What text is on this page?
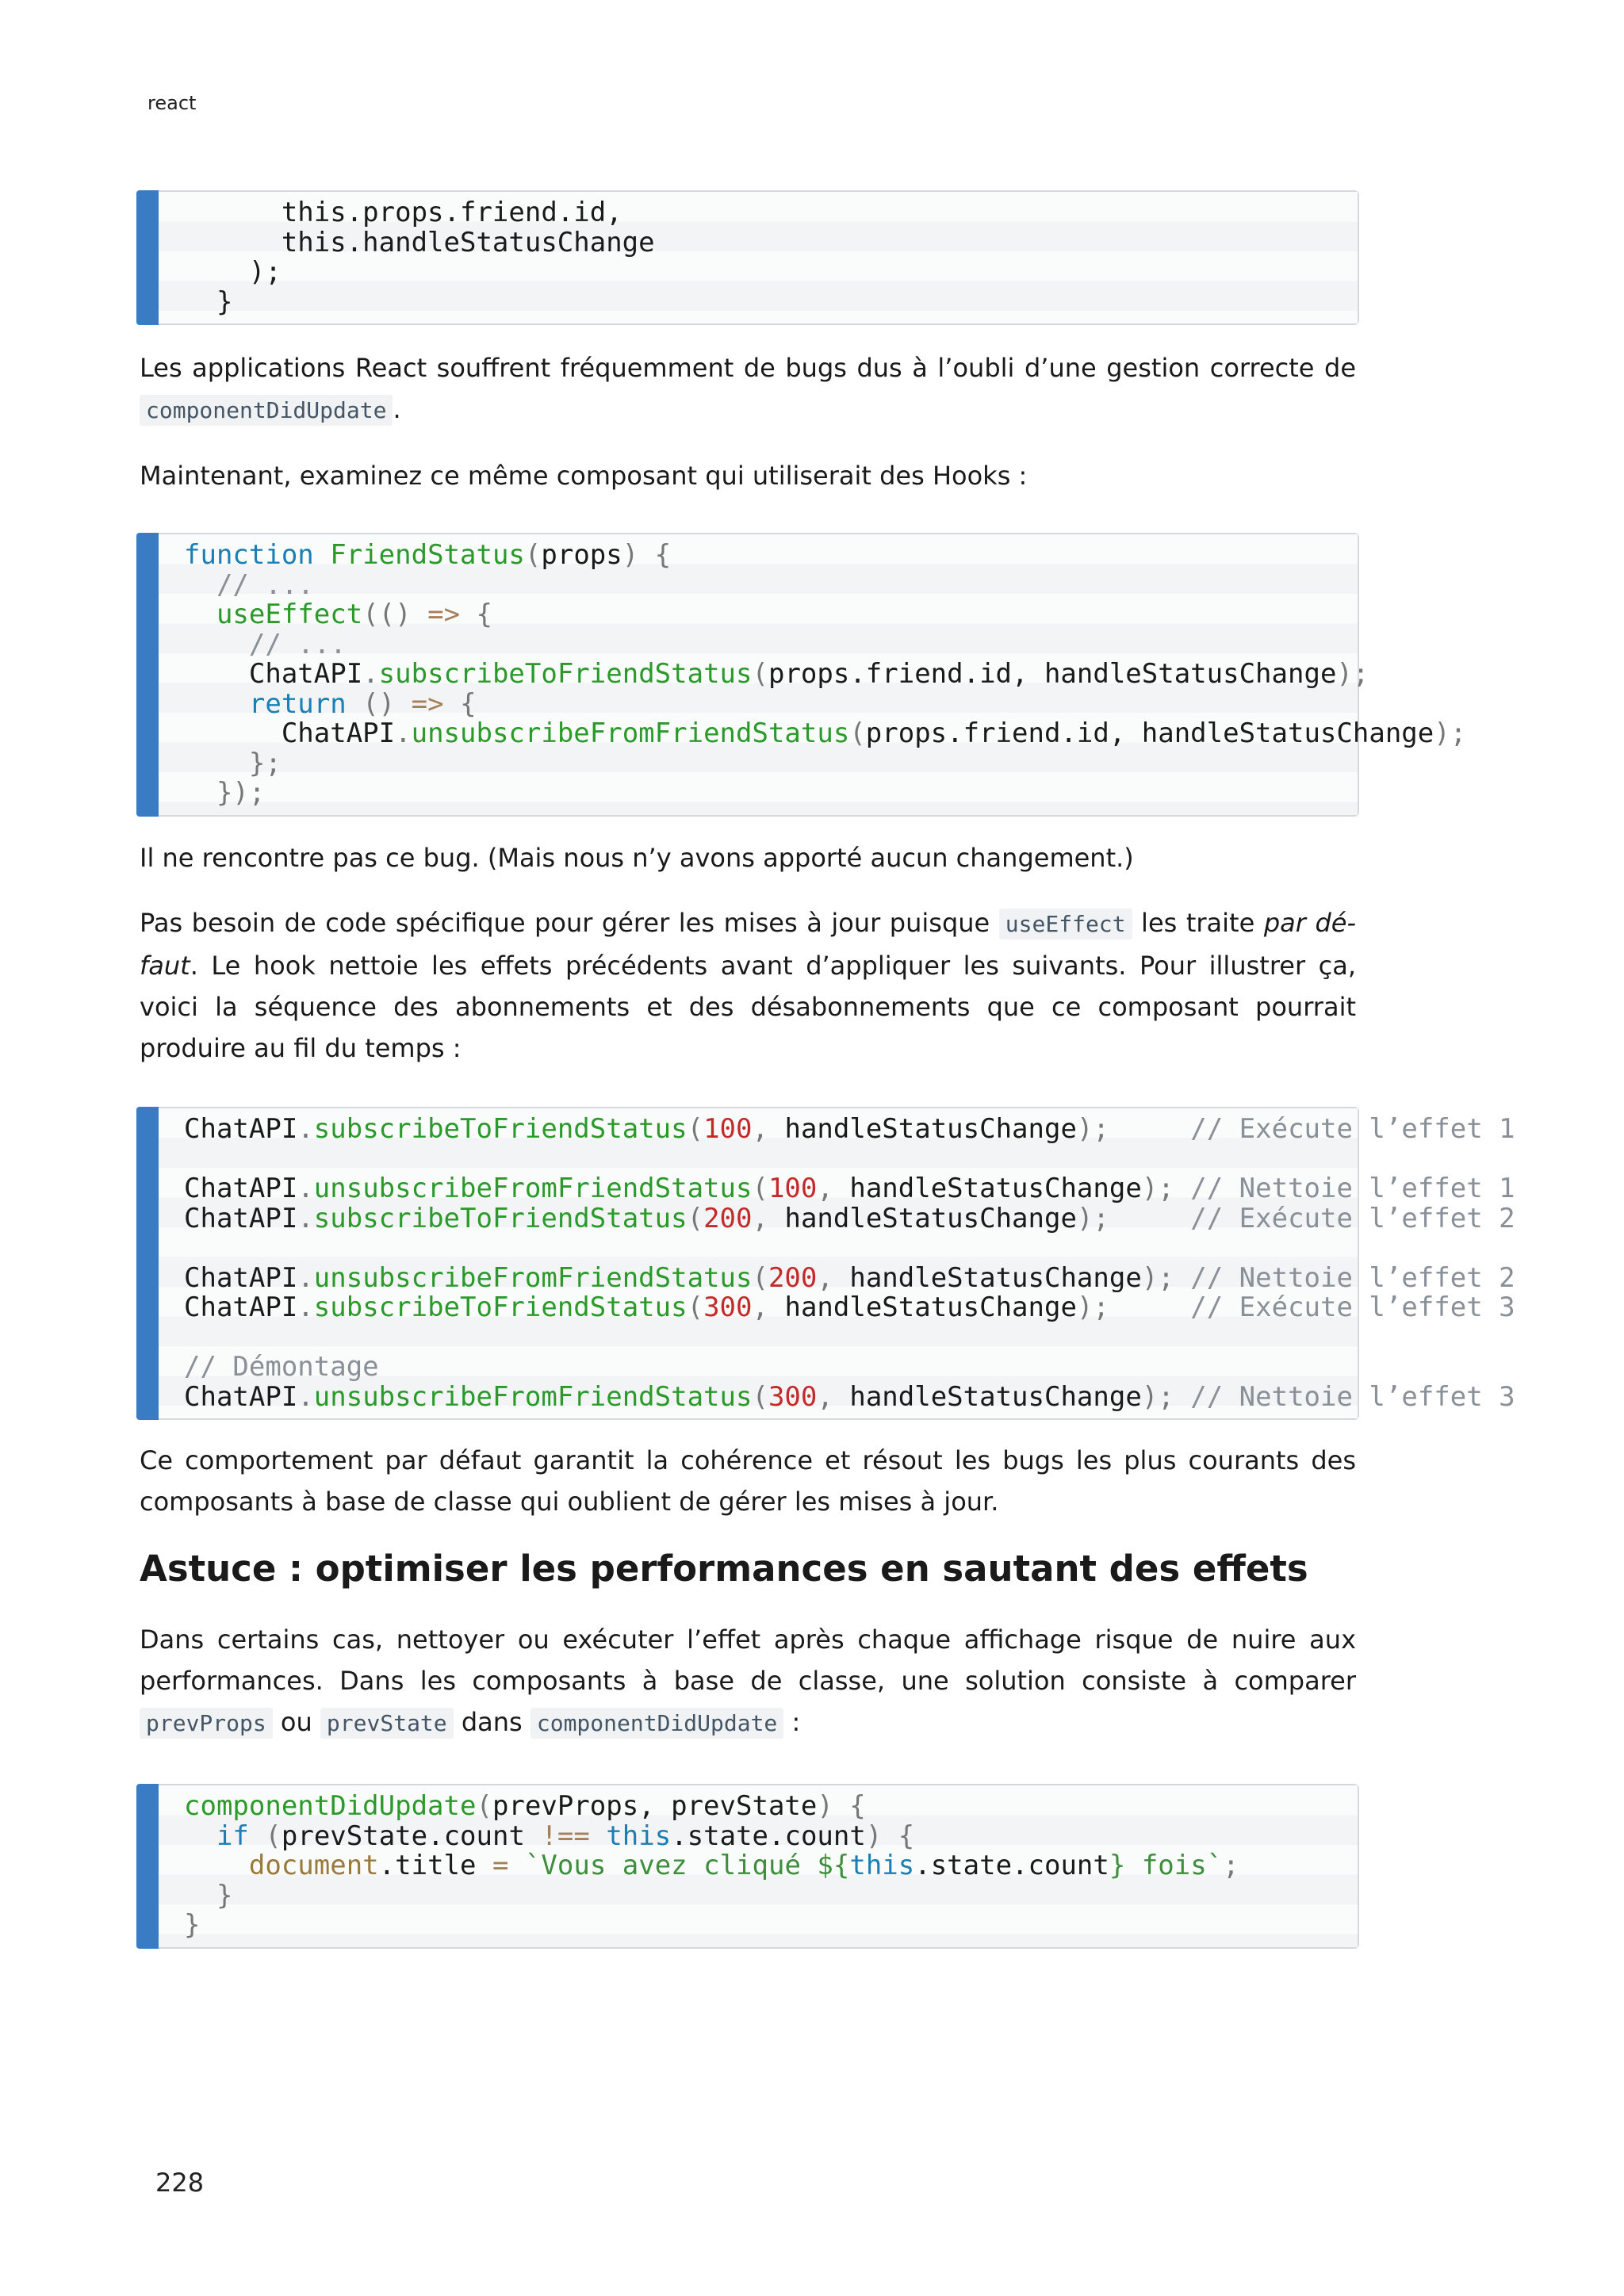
react
this.props.friend.id,
this.handleStatusChange
);
}

Les applications React souffrent fréquemment de bugs dus à l’oubli d’une gestion correcte de componentDidUpdate .

Maintenant, examinez ce même composant qui utiliserait des Hooks :

function FriendStatus(props) {
// ...
useEffect(() => {
// ...
ChatAPI.subscribeToFriendStatus(props.friend.id, handleStatusChange);
return () => {
ChatAPI.unsubscribeFromFriendStatus(props.friend.id, handleStatusChange);
};
});

Il ne rencontre pas ce bug. (Mais nous n’y avons apporté aucun changement.)

Pas besoin de code spécifique pour gérer les mises à jour puisque useEffect les traite par défaut. Le hook nettoie les effets précédents avant d’appliquer les suivants. Pour illustrer ça, voici la séquence des abonnements et des désabonnements que ce composant pourrait produire au fil du temps :

ChatAPI.subscribeToFriendStatus(100, handleStatusChange);	// Exécute l’effet 1

ChatAPI.unsubscribeFromFriendStatus(100, handleStatusChange); // Nettoie l’effet 1
ChatAPI.subscribeToFriendStatus(200, handleStatusChange);	// Exécute l’effet 2

ChatAPI.unsubscribeFromFriendStatus(200, handleStatusChange); // Nettoie l’effet 2
ChatAPI.subscribeToFriendStatus(300, handleStatusChange);	// Exécute l’effet 3

// Démontage
ChatAPI.unsubscribeFromFriendStatus(300, handleStatusChange); // Nettoie l’effet 3

Ce comportement par défaut garantit la cohérence et résout les bugs les plus courants des composants à base de classe qui oublient de gérer les mises à jour.

Astuce : optimiser les performances en sautant des effets

Dans certains cas, nettoyer ou exécuter l’effet après chaque affichage risque de nuire aux performances. Dans les composants à base de classe, une solution consiste à comparer prevProps ou prevState dans componentDidUpdate :

componentDidUpdate(prevProps, prevState) {
if (prevState.count !== this.state.count) {
document.title = `Vous avez cliqué ${this.state.count} fois`;
}
}
228
